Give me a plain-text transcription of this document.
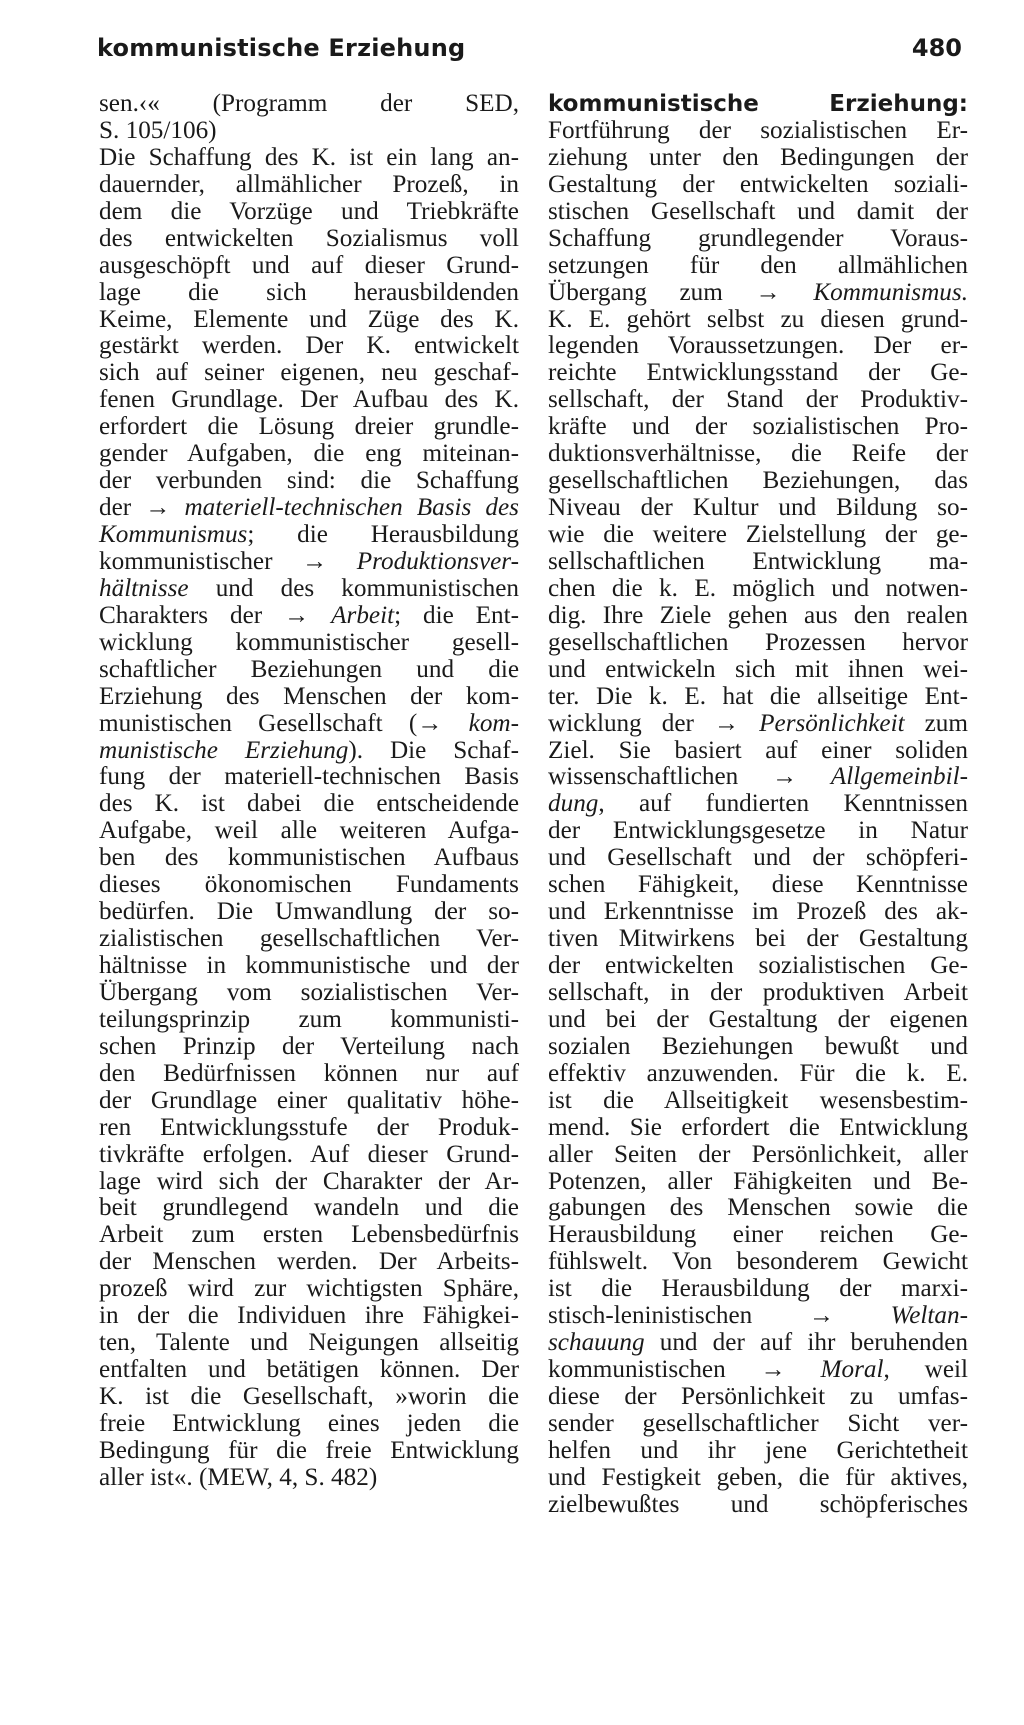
kommunistische Erziehung	480
sen.‹« (Programm der SED,
S. 105/106)
Die Schaffung des K. ist ein lang an-
dauernder, allmählicher Prozeß, in
dem die Vorzüge und Triebkräfte
des entwickelten Sozialismus voll
ausgeschöpft und auf dieser Grund-
lage die sich herausbildenden
Keime, Elemente und Züge des K.
gestärkt werden. Der K. entwickelt
sich auf seiner eigenen, neu geschaf-
fenen Grundlage. Der Aufbau des K.
erfordert die Lösung dreier grundle-
gender Aufgaben, die eng miteinan-
der verbunden sind: die Schaffung
der → materiell-technischen Basis des
Kommunismus; die Herausbildung
kommunistischer → Produktionsver-
hältnisse und des kommunistischen
Charakters der → Arbeit; die Ent-
wicklung kommunistischer gesell-
schaftlicher Beziehungen und die
Erziehung des Menschen der kom-
munistischen Gesellschaft (→ kom-
munistische Erziehung). Die Schaf-
fung der materiell-technischen Basis
des K. ist dabei die entscheidende
Aufgabe, weil alle weiteren Aufga-
ben des kommunistischen Aufbaus
dieses ökonomischen Fundaments
bedürfen. Die Umwandlung der so-
zialistischen gesellschaftlichen Ver-
hältnisse in kommunistische und der
Übergang vom sozialistischen Ver-
teilungsprinzip zum kommunisti-
schen Prinzip der Verteilung nach
den Bedürfnissen können nur auf
der Grundlage einer qualitativ höhe-
ren Entwicklungsstufe der Produk-
tivkräfte erfolgen. Auf dieser Grund-
lage wird sich der Charakter der Ar-
beit grundlegend wandeln und die
Arbeit zum ersten Lebensbedürfnis
der Menschen werden. Der Arbeits-
prozeß wird zur wichtigsten Sphäre,
in der die Individuen ihre Fähigkei-
ten, Talente und Neigungen allseitig
entfalten und betätigen können. Der
K. ist die Gesellschaft, »worin die
freie Entwicklung eines jeden die
Bedingung für die freie Entwicklung
aller ist«. (MEW, 4, S. 482)
kommunistische Erziehung:
Fortführung der sozialistischen Er-
ziehung unter den Bedingungen der
Gestaltung der entwickelten soziali-
stischen Gesellschaft und damit der
Schaffung grundlegender Voraus-
setzungen für den allmählichen
Übergang zum → Kommunismus.
K. E. gehört selbst zu diesen grund-
legenden Voraussetzungen. Der er-
reichte Entwicklungsstand der Ge-
sellschaft, der Stand der Produktiv-
kräfte und der sozialistischen Pro-
duktionsverhältnisse, die Reife der
gesellschaftlichen Beziehungen, das
Niveau der Kultur und Bildung so-
wie die weitere Zielstellung der ge-
sellschaftlichen Entwicklung ma-
chen die k. E. möglich und notwen-
dig. Ihre Ziele gehen aus den realen
gesellschaftlichen Prozessen hervor
und entwickeln sich mit ihnen wei-
ter. Die k. E. hat die allseitige Ent-
wicklung der → Persönlichkeit zum
Ziel. Sie basiert auf einer soliden
wissenschaftlichen → Allgemeinbil-
dung, auf fundierten Kenntnissen
der Entwicklungsgesetze in Natur
und Gesellschaft und der schöpferi-
schen Fähigkeit, diese Kenntnisse
und Erkenntnisse im Prozeß des ak-
tiven Mitwirkens bei der Gestaltung
der entwickelten sozialistischen Ge-
sellschaft, in der produktiven Arbeit
und bei der Gestaltung der eigenen
sozialen Beziehungen bewußt und
effektiv anzuwenden. Für die k. E.
ist die Allseitigkeit wesensbestim-
mend. Sie erfordert die Entwicklung
aller Seiten der Persönlichkeit, aller
Potenzen, aller Fähigkeiten und Be-
gabungen des Menschen sowie die
Herausbildung einer reichen Ge-
fühlswelt. Von besonderem Gewicht
ist die Herausbildung der marxi-
stisch-leninistischen → Weltan-
schauung und der auf ihr beruhenden
kommunistischen → Moral, weil
diese der Persönlichkeit zu umfas-
sender gesellschaftlicher Sicht ver-
helfen und ihr jene Gerichtetheit
und Festigkeit geben, die für aktives,
zielbewußtes und schöpferisches
